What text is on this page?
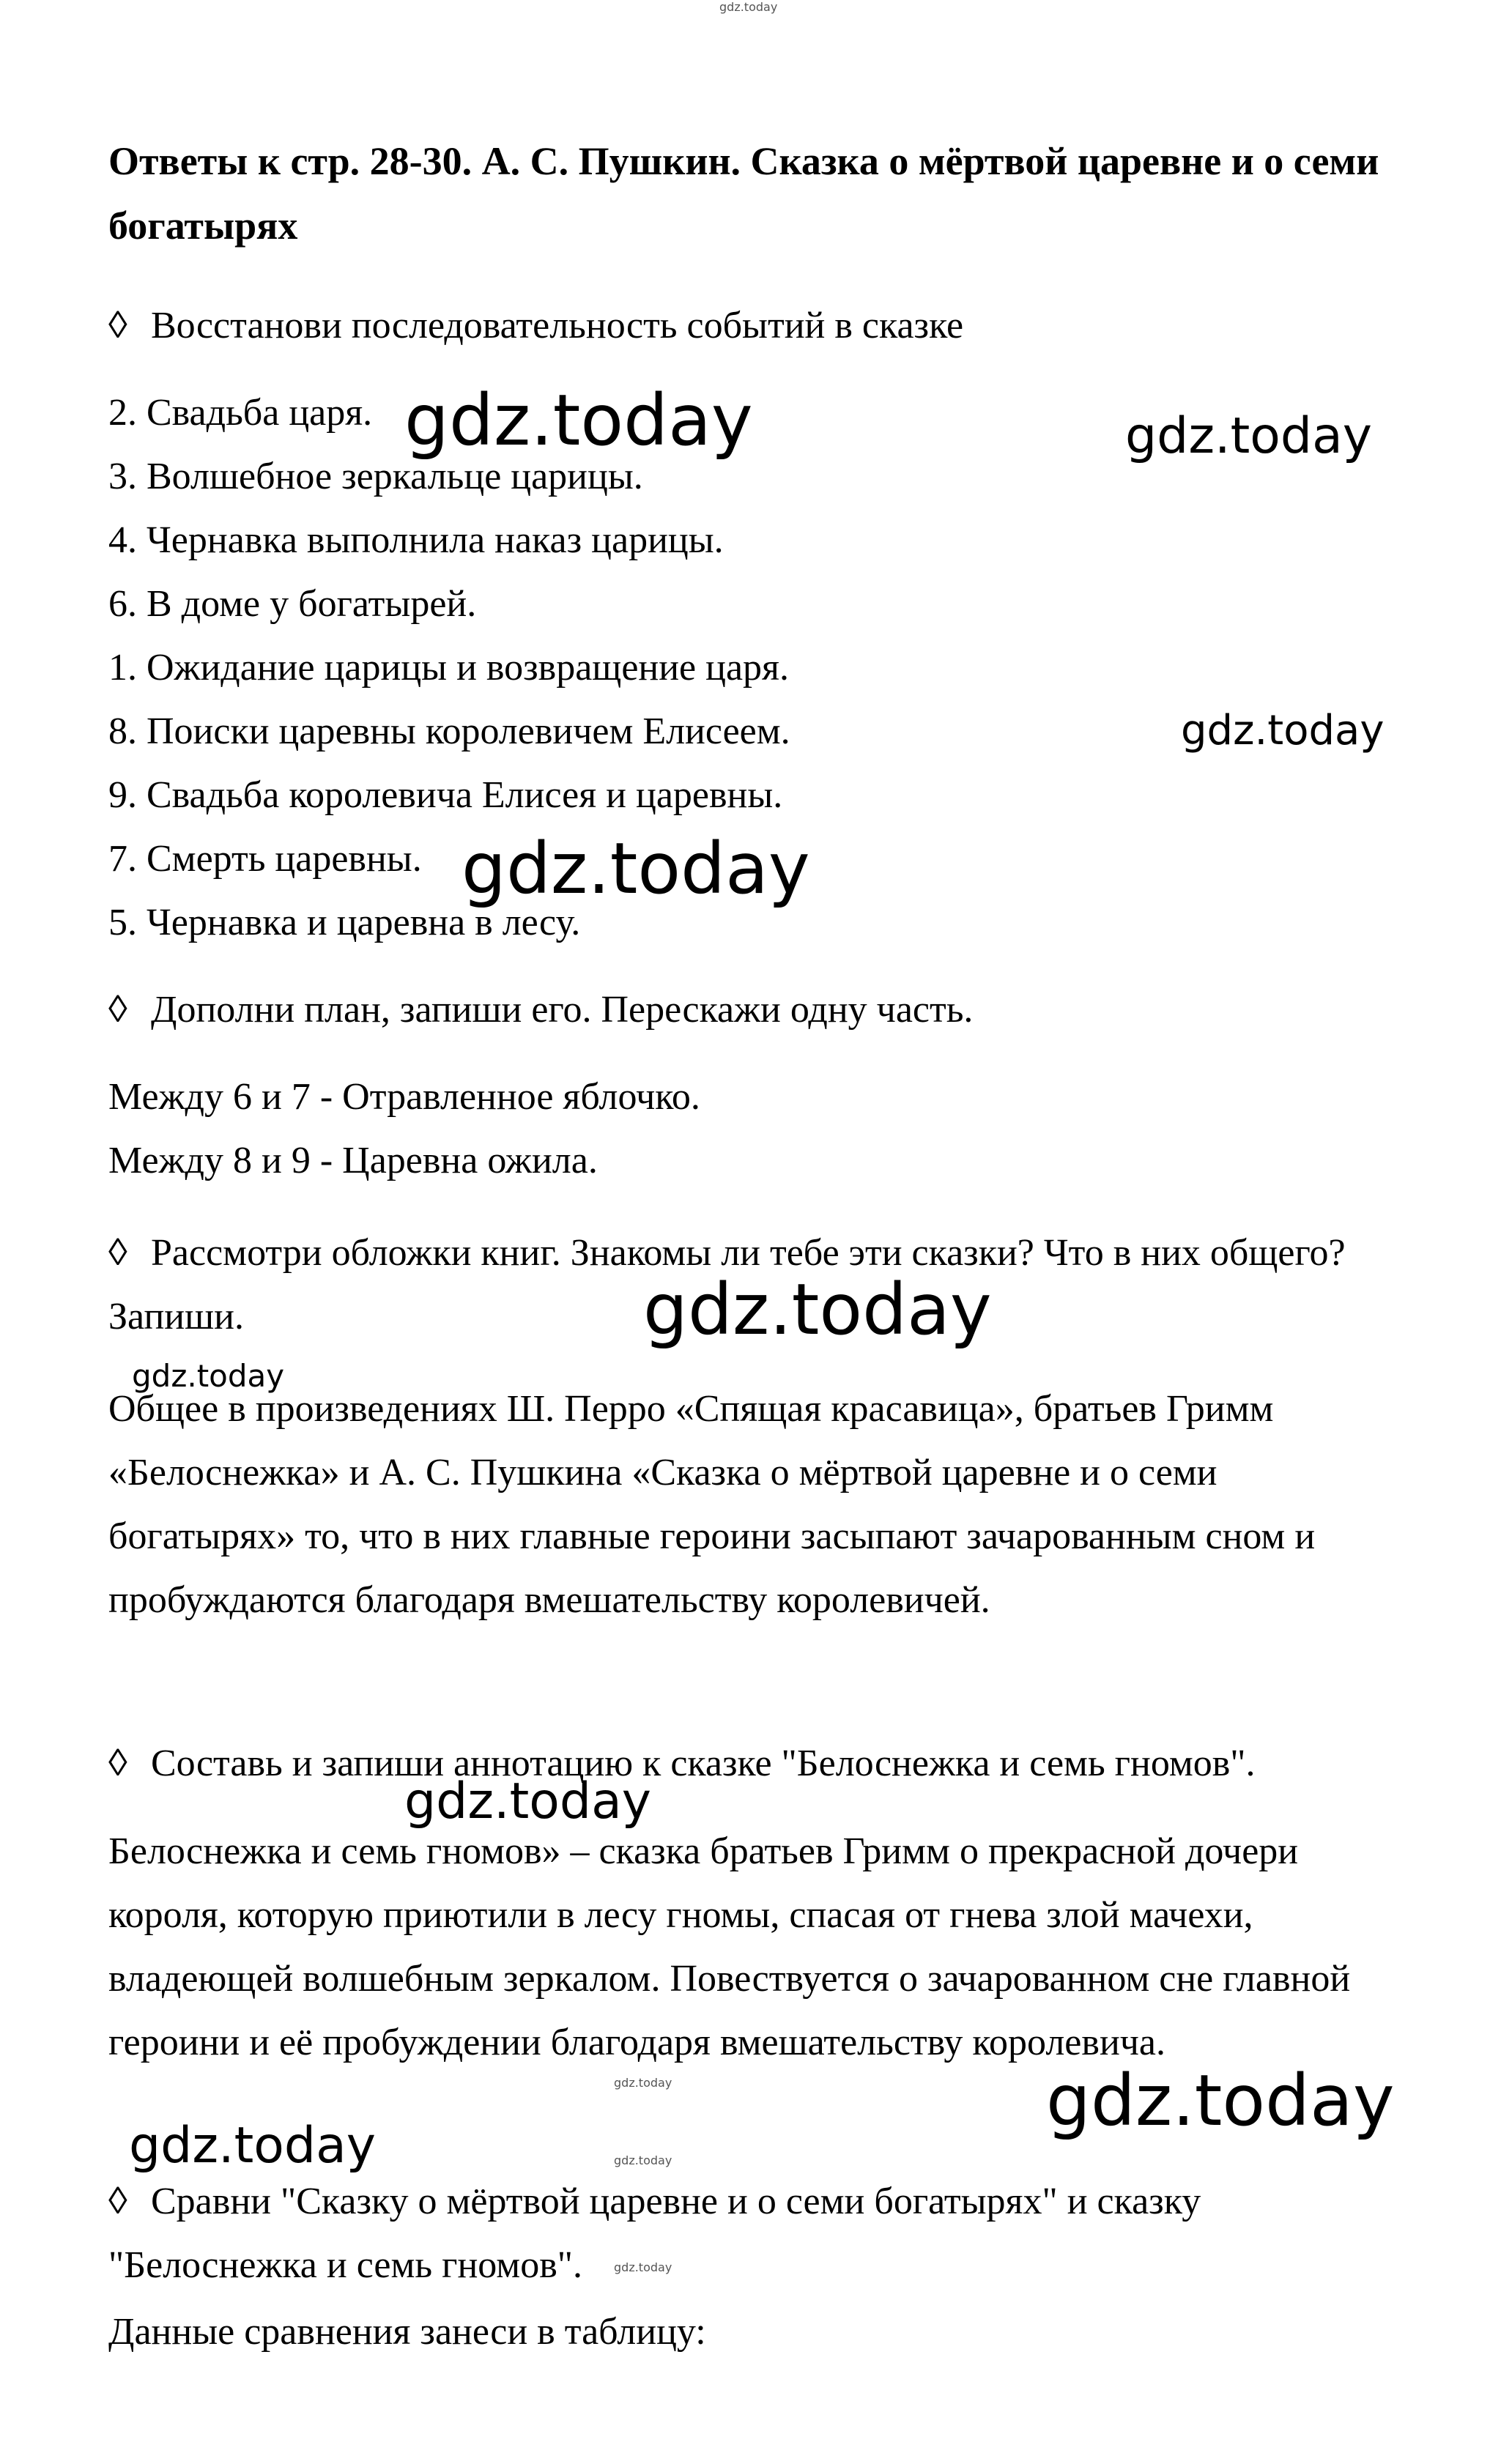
Ответы к стр. 28-30. А. С. Пушкин. Сказка о мёртвой царевне и о семи богатырях

◊ Восстанови последовательность событий в сказке

2. Свадьба царя.

3. Волшебное зеркальце царицы.

4. Чернавка выполнила наказ царицы.

6. В доме у богатырей.

1. Ожидание царицы и возвращение царя.

8. Поиски царевны королевичем Елисеем.

9. Свадьба королевича Елисея и царевны.

7. Смерть царевны.

5. Чернавка и царевна в лесу.

◊ Дополни план, запиши его. Перескажи одну часть.

Между 6 и 7 - Отравленное яблочко.

Между 8 и 9 - Царевна ожила.

◊ Рассмотри обложки книг. Знакомы ли тебе эти сказки? Что в них общего? Запиши.

Общее в произведениях Ш. Перро «Спящая красавица», братьев Гримм «Белоснежка» и А. С. Пушкина «Сказка о мёртвой царевне и о семи богатырях» то, что в них главные героини засыпают зачарованным сном и пробуждаются благодаря вмешательству королевичей.

◊ Составь и запиши аннотацию к сказке "Белоснежка и семь гномов".

Белоснежка и семь гномов» – сказка братьев Гримм о прекрасной дочери короля, которую приютили в лесу гномы, спасая от гнева злой мачехи, владеющей волшебным зеркалом. Повествуется о зачарованном сне главной героини и её пробуждении благодаря вмешательству королевича.

◊ Сравни "Сказку о мёртвой царевне и о семи богатырях" и сказку "Белоснежка и семь гномов".

Данные сравнения занеси в таблицу:

gdz.today
gdz.today	gdz.today
gdz.today
gdz.today
gdz.today
gdz.today
gdz.today
gdz.today	gdz.today
gdz.today	gdz.today
gdz.today
